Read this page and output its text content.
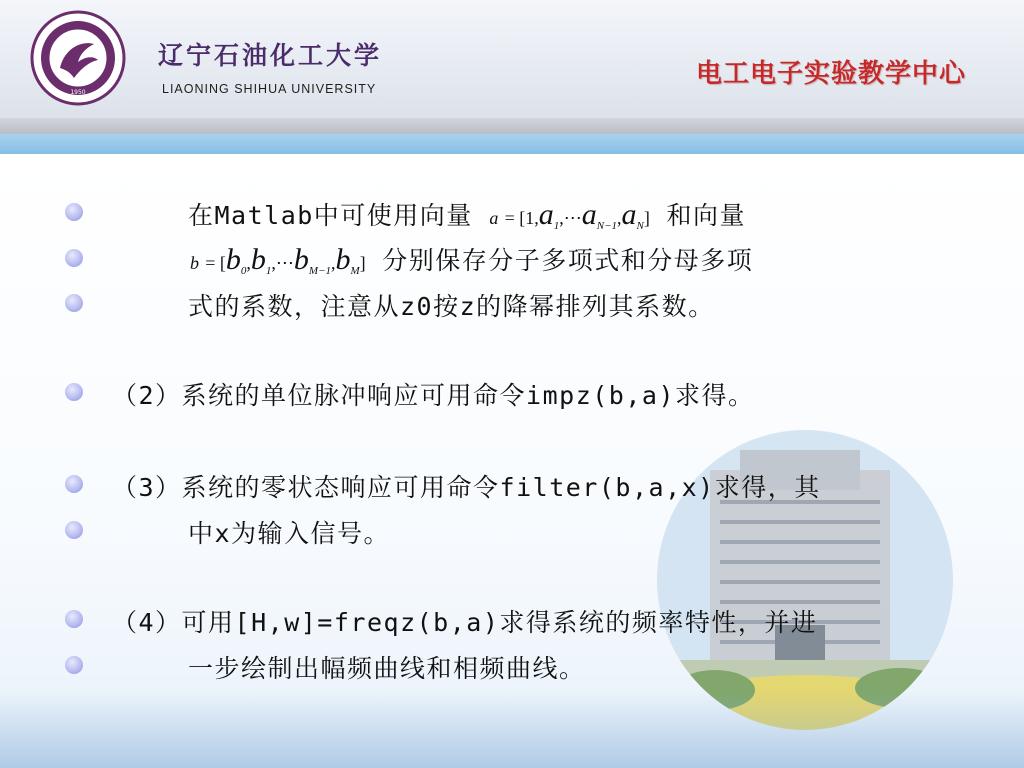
1950
辽宁石油化工大学
LIAONING SHIHUA UNIVERSITY	电工电子实验教学中心
在Matlab中可使用向量 $a = [1,a_1,\cdots a_{N-1},a_N]$ 和向量
$b = [b_0,b_1,\cdots b_{M-1},b_M]$ 分别保存分子多项式和分母多项
式的系数，注意从z0按z的降幂排列其系数。
（2）系统的单位脉冲响应可用命令impz(b,a)求得。
（3）系统的零状态响应可用命令filter(b,a,x)求得，其
中x为输入信号。
（4）可用[H,w]=freqz(b,a)求得系统的频率特性，并进
一步绘制出幅频曲线和相频曲线。
